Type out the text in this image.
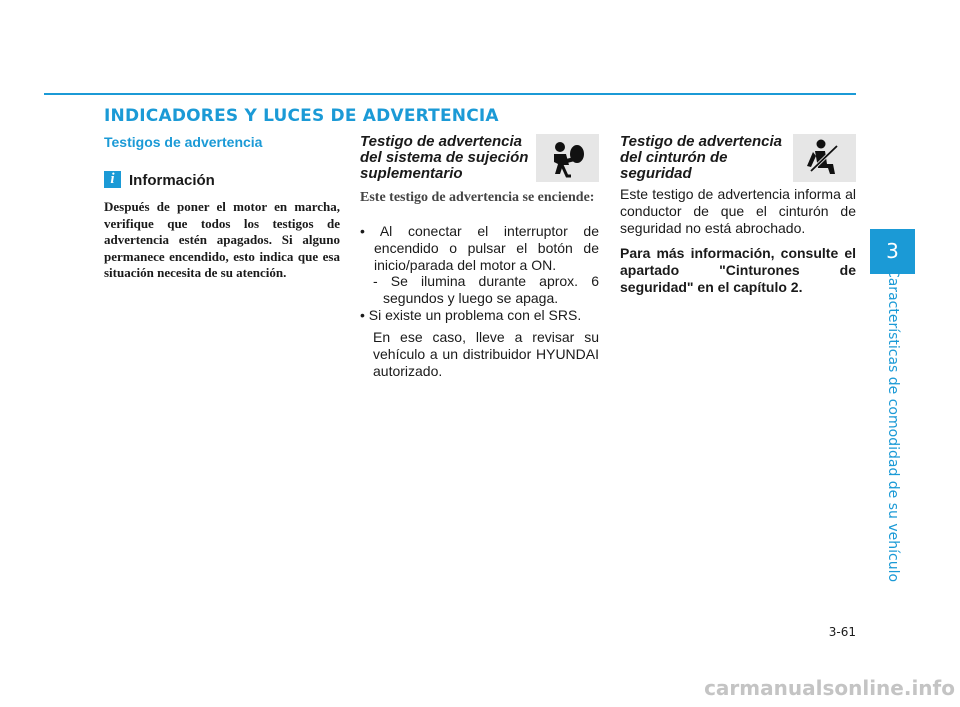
INDICADORES Y LUCES DE ADVERTENCIA
Testigos de advertencia
i Información

Después de poner el motor en marcha, verifique que todos los testigos de advertencia estén apagados. Si alguno permanece encendido, esto indica que esa situación necesita de su atención.

Testigo de advertencia
del sistema de sujeción
suplementario

Este testigo de advertencia se enciende:

• Al conectar el interruptor de encendido o pulsar el botón de inicio/parada del motor a ON.

- Se ilumina durante aprox. 6 segundos y luego se apaga.

• Si existe un problema con el SRS.

En ese caso, lleve a revisar su vehículo a un distribuidor HYUNDAI autorizado.

Testigo de advertencia
del cinturón de
seguridad

Este testigo de advertencia informa al conductor de que el cinturón de seguridad no está abrochado.

Para más información, consulte el apartado "Cinturones de seguridad" en el capítulo 2.

3
Características de comodidad de su vehículo
3-61
carmanualsonline.info
